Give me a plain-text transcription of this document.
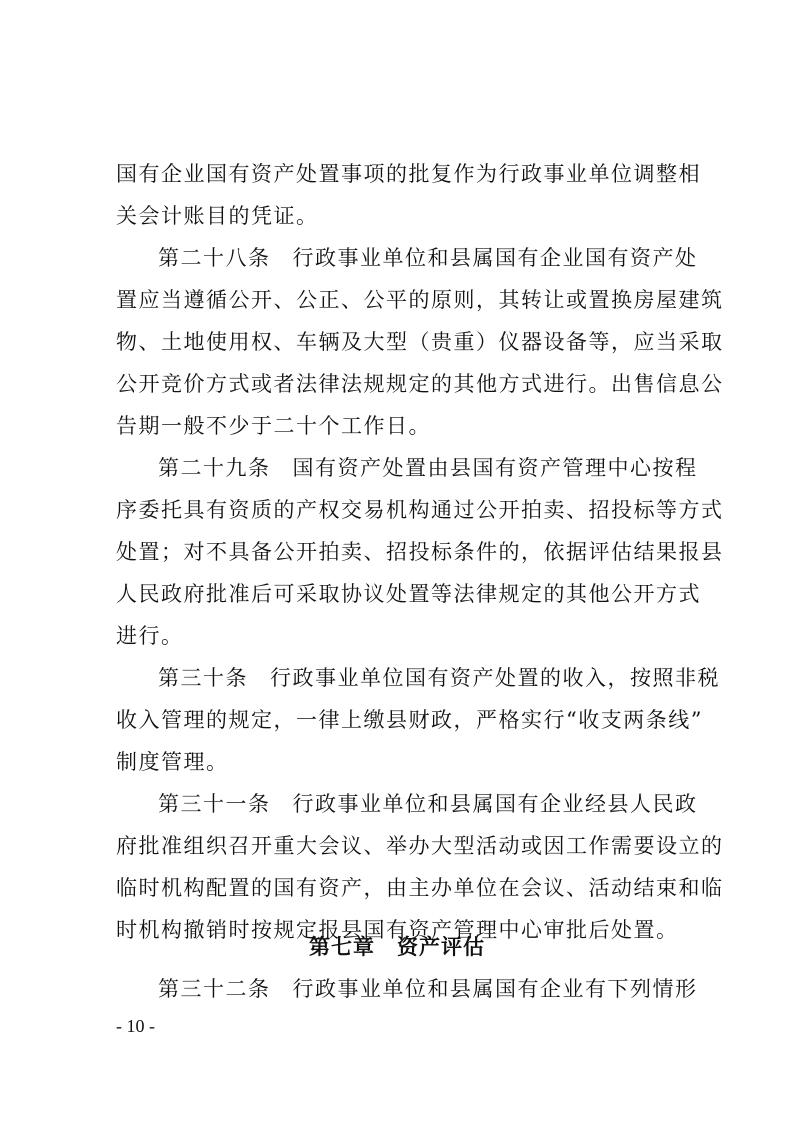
国有企业国有资产处置事项的批复作为行政事业单位调整相
关会计账目的凭证。
第二十八条 行政事业单位和县属国有企业国有资产处
置应当遵循公开、公正、公平的原则，其转让或置换房屋建筑
物、土地使用权、车辆及大型（贵重）仪器设备等，应当采取
公开竞价方式或者法律法规规定的其他方式进行。出售信息公
告期一般不少于二十个工作日。
第二十九条 国有资产处置由县国有资产管理中心按程
序委托具有资质的产权交易机构通过公开拍卖、招投标等方式
处置；对不具备公开拍卖、招投标条件的，依据评估结果报县
人民政府批准后可采取协议处置等法律规定的其他公开方式
进行。
第三十条 行政事业单位国有资产处置的收入，按照非税
收入管理的规定，一律上缴县财政，严格实行“收支两条线”
制度管理。
第三十一条 行政事业单位和县属国有企业经县人民政
府批准组织召开重大会议、举办大型活动或因工作需要设立的
临时机构配置的国有资产，由主办单位在会议、活动结束和临
时机构撤销时按规定报县国有资产管理中心审批后处置。
第七章 资产评估
第三十二条 行政事业单位和县属国有企业有下列情形
- 10 -
